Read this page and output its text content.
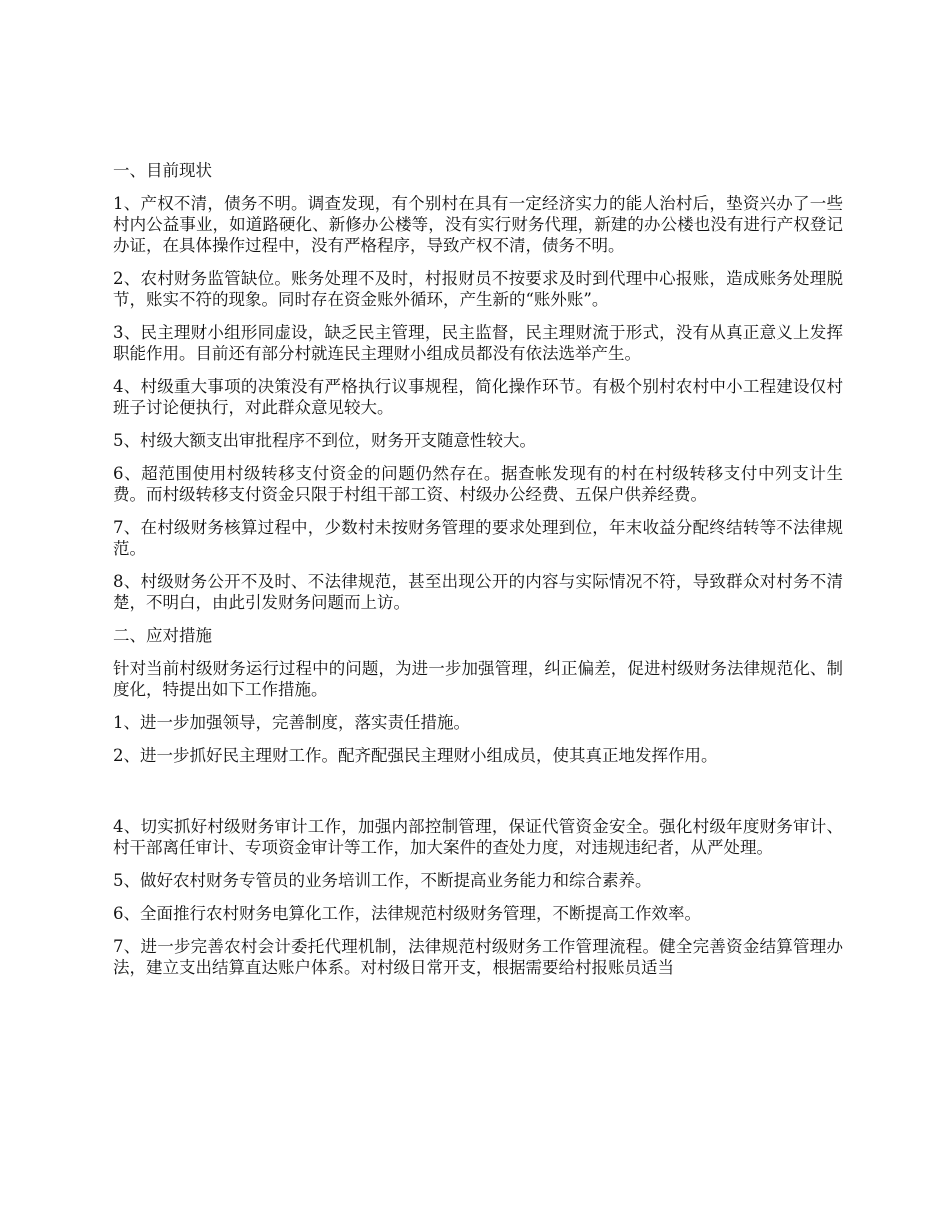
一、目前现状

1、产权不清，债务不明。调查发现，有个别村在具有一定经济实力的能人治村后，垫资兴办了一些村内公益事业，如道路硬化、新修办公楼等，没有实行财务代理，新建的办公楼也没有进行产权登记办证，在具体操作过程中，没有严格程序，导致产权不清，债务不明。

2、农村财务监管缺位。账务处理不及时，村报财员不按要求及时到代理中心报账，造成账务处理脱节，账实不符的现象。同时存在资金账外循环，产生新的“账外账”。

3、民主理财小组形同虚设，缺乏民主管理，民主监督，民主理财流于形式，没有从真正意义上发挥职能作用。目前还有部分村就连民主理财小组成员都没有依法选举产生。

4、村级重大事项的决策没有严格执行议事规程，简化操作环节。有极个别村农村中小工程建设仅村班子讨论便执行，对此群众意见较大。

5、村级大额支出审批程序不到位，财务开支随意性较大。

6、超范围使用村级转移支付资金的问题仍然存在。据查帐发现有的村在村级转移支付中列支计生费。而村级转移支付资金只限于村组干部工资、村级办公经费、五保户供养经费。

7、在村级财务核算过程中，少数村未按财务管理的要求处理到位，年末收益分配终结转等不法律规范。

8、村级财务公开不及时、不法律规范，甚至出现公开的内容与实际情况不符，导致群众对村务不清楚，不明白，由此引发财务问题而上访。

二、应对措施

针对当前村级财务运行过程中的问题，为进一步加强管理，纠正偏差，促进村级财务法律规范化、制度化，特提出如下工作措施。

1、进一步加强领导，完善制度，落实责任措施。

2、进一步抓好民主理财工作。配齐配强民主理财小组成员，使其真正地发挥作用。

4、切实抓好村级财务审计工作，加强内部控制管理，保证代管资金安全。强化村级年度财务审计、村干部离任审计、专项资金审计等工作，加大案件的查处力度，对违规违纪者，从严处理。

5、做好农村财务专管员的业务培训工作，不断提高业务能力和综合素养。

6、全面推行农村财务电算化工作，法律规范村级财务管理，不断提高工作效率。

7、进一步完善农村会计委托代理机制，法律规范村级财务工作管理流程。健全完善资金结算管理办法，建立支出结算直达账户体系。对村级日常开支，根据需要给村报账员适当
